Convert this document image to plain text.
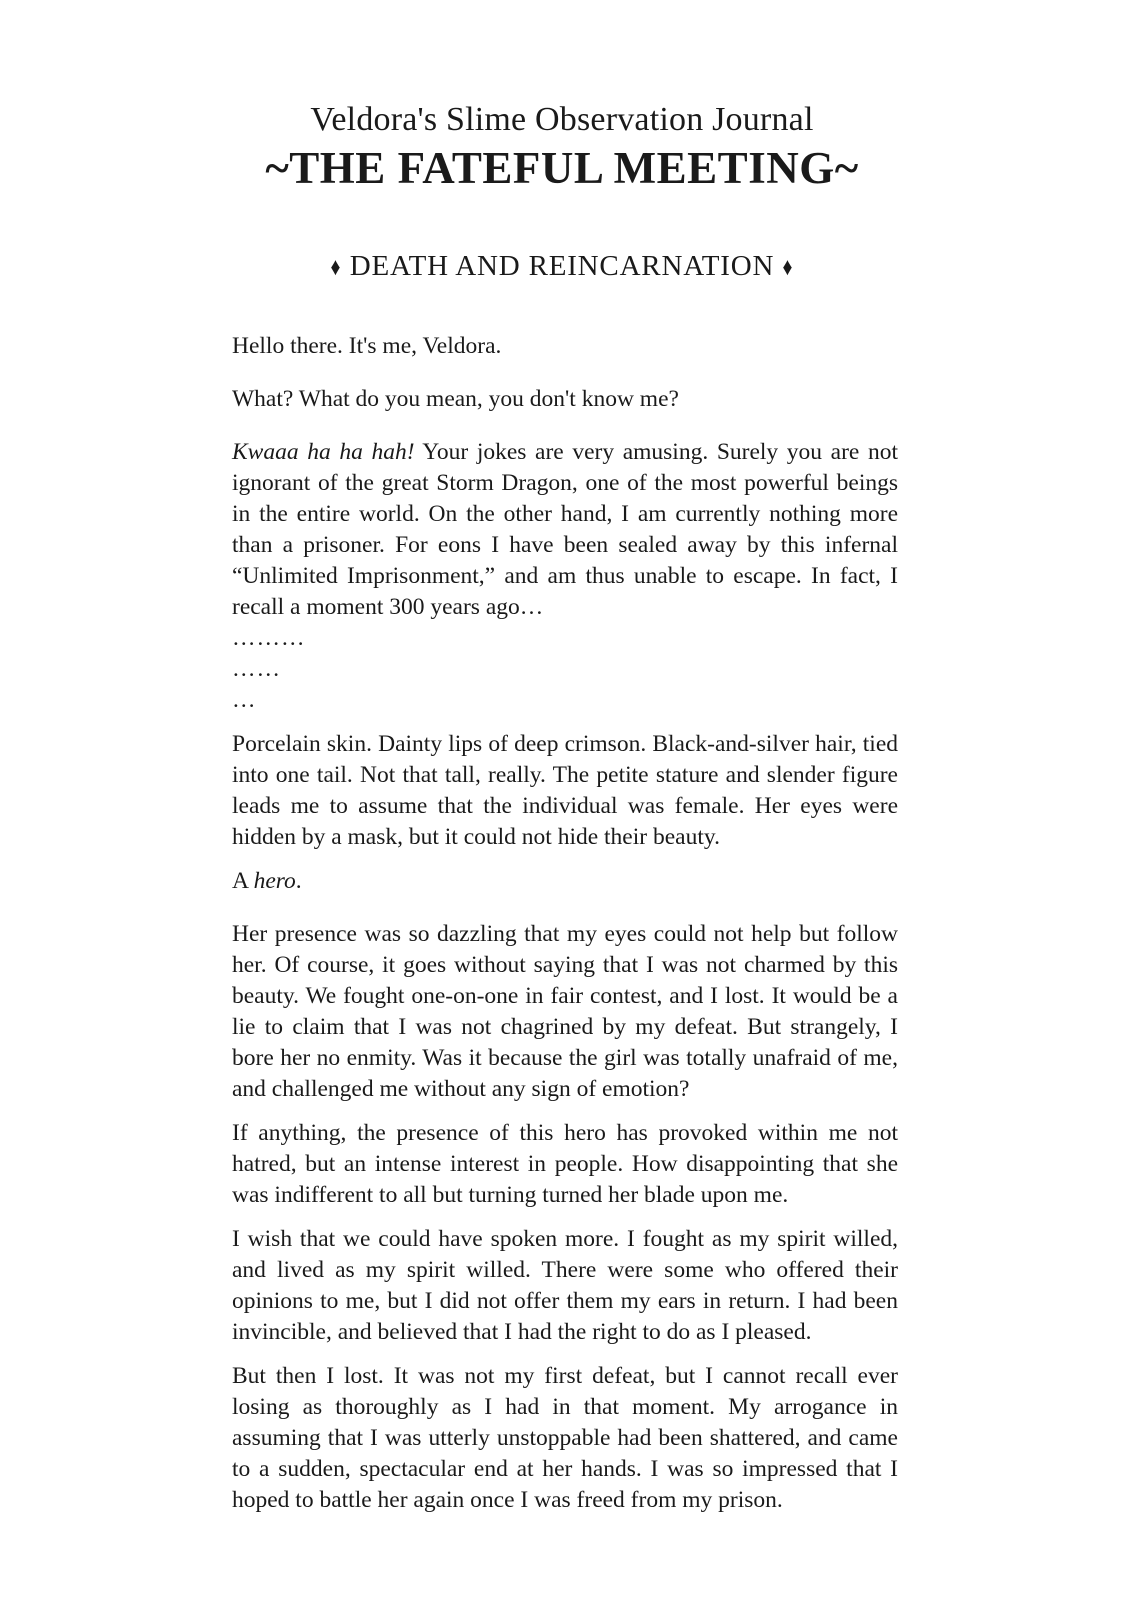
Veldora's Slime Observation Journal
~THE FATEFUL MEETING~
♦ DEATH AND REINCARNATION ♦

Hello there. It's me, Veldora.

What? What do you mean, you don't know me?

Kwaaa ha ha hah! Your jokes are very amusing. Surely you are not ignorant of the great Storm Dragon, one of the most powerful beings in the entire world. On the other hand, I am currently nothing more than a prisoner. For eons I have been sealed away by this infernal “Unlimited Imprisonment,” and am thus unable to escape. In fact, I recall a moment 300 years ago…

………

……

…

Porcelain skin. Dainty lips of deep crimson. Black-and-silver hair, tied into one tail. Not that tall, really. The petite stature and slender figure leads me to assume that the individual was female. Her eyes were hidden by a mask, but it could not hide their beauty.

A hero.

Her presence was so dazzling that my eyes could not help but follow her. Of course, it goes without saying that I was not charmed by this beauty. We fought one-on-one in fair contest, and I lost. It would be a lie to claim that I was not chagrined by my defeat. But strangely, I bore her no enmity. Was it because the girl was totally unafraid of me, and challenged me without any sign of emotion?

If anything, the presence of this hero has provoked within me not hatred, but an intense interest in people. How disappointing that she was indifferent to all but turning turned her blade upon me.

I wish that we could have spoken more. I fought as my spirit willed, and lived as my spirit willed. There were some who offered their opinions to me, but I did not offer them my ears in return. I had been invincible, and believed that I had the right to do as I pleased.

But then I lost. It was not my first defeat, but I cannot recall ever losing as thoroughly as I had in that moment. My arrogance in assuming that I was utterly unstoppable had been shattered, and came to a sudden, spectacular end at her hands. I was so impressed that I hoped to battle her again once I was freed from my prison.
